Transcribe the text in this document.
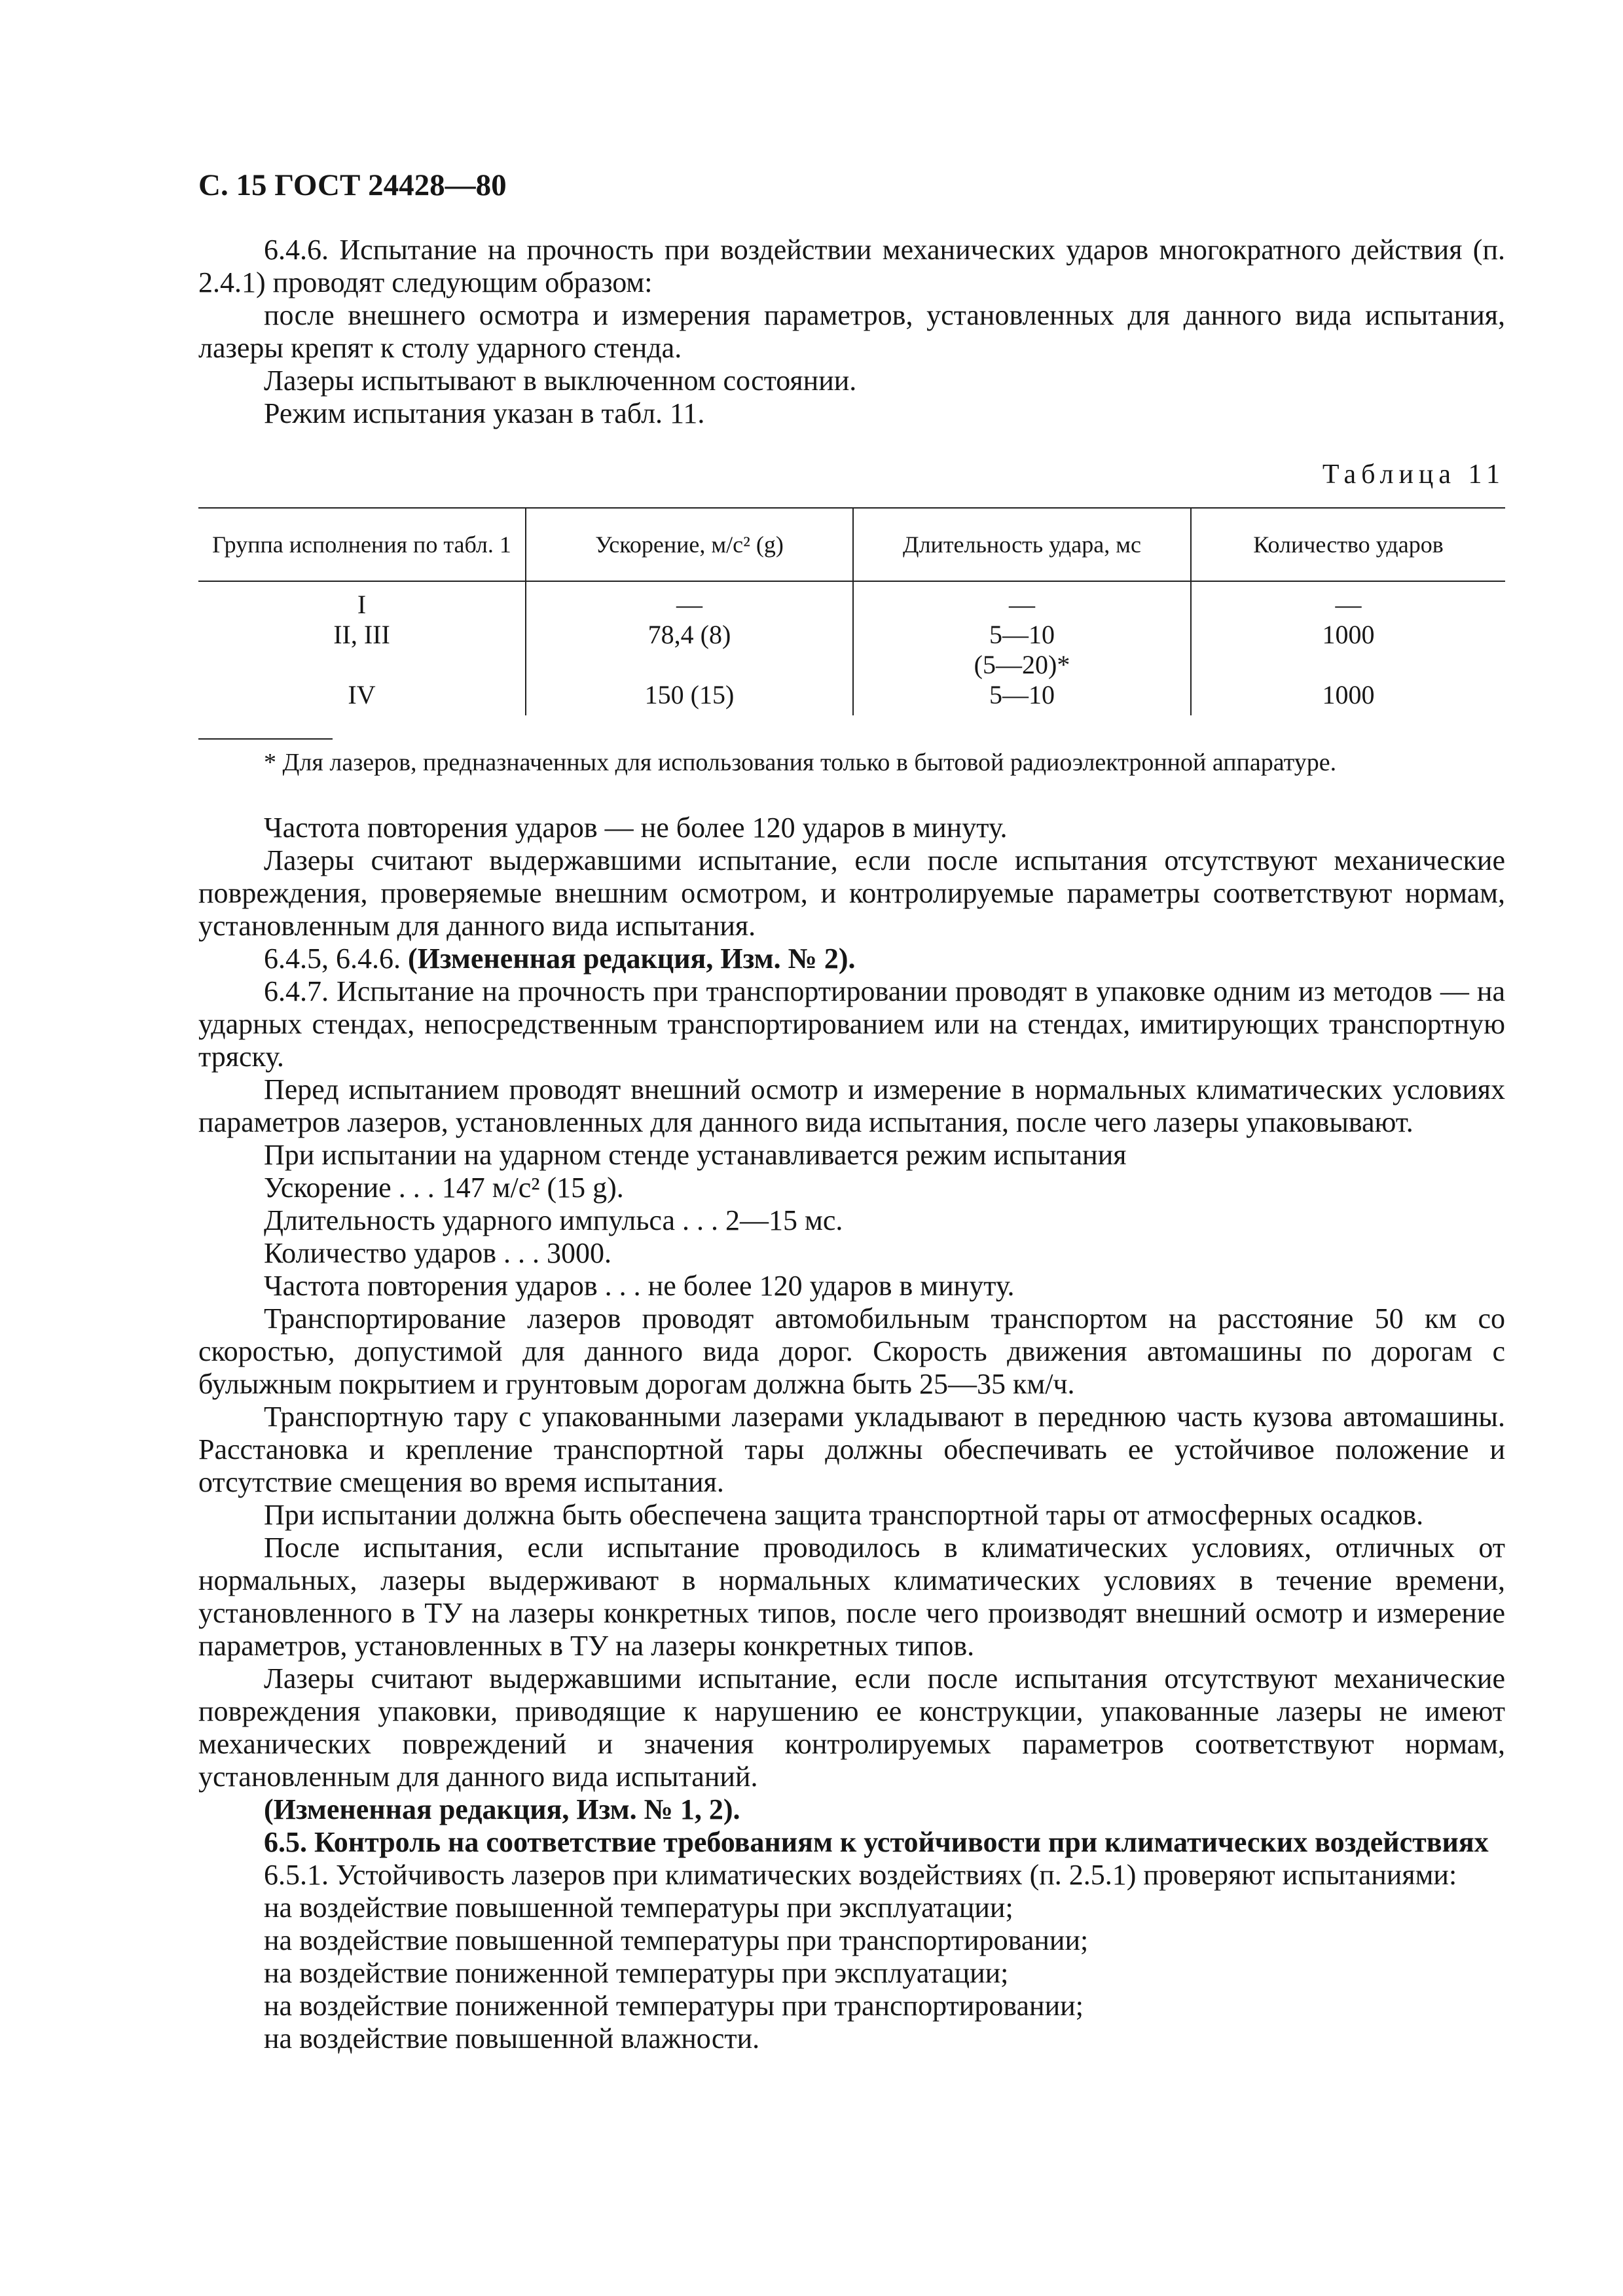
С. 15 ГОСТ 24428—80

6.4.6. Испытание на прочность при воздействии механических ударов многократного действия (п. 2.4.1) проводят следующим образом:

после внешнего осмотра и измерения параметров, установленных для данного вида испытания, лазеры крепят к столу ударного стенда.

Лазеры испытывают в выключенном состоянии.

Режим испытания указан в табл. 11.

Таблица 11
Группа исполнения по табл. 1	Ускорение, м/с² (g)	Длительность удара, мс	Количество ударов
I	—	—	—
II, III	78,4 (8)	5—10	1000
		(5—20)*	
IV	150 (15)	5—10	1000
* Для лазеров, предназначенных для использования только в бытовой радиоэлектронной аппаратуре.

Частота повторения ударов — не более 120 ударов в минуту.

Лазеры считают выдержавшими испытание, если после испытания отсутствуют механические повреждения, проверяемые внешним осмотром, и контролируемые параметры соответствуют нормам, установленным для данного вида испытания.

6.4.5, 6.4.6. (Измененная редакция, Изм. № 2).

6.4.7. Испытание на прочность при транспортировании проводят в упаковке одним из методов — на ударных стендах, непосредственным транспортированием или на стендах, имитирующих транспортную тряску.

Перед испытанием проводят внешний осмотр и измерение в нормальных климатических условиях параметров лазеров, установленных для данного вида испытания, после чего лазеры упаковывают.

При испытании на ударном стенде устанавливается режим испытания

Ускорение . . . 147 м/с² (15 g).

Длительность ударного импульса . . . 2—15 мс.

Количество ударов . . . 3000.

Частота повторения ударов . . . не более 120 ударов в минуту.

Транспортирование лазеров проводят автомобильным транспортом на расстояние 50 км со скоростью, допустимой для данного вида дорог. Скорость движения автомашины по дорогам с булыжным покрытием и грунтовым дорогам должна быть 25—35 км/ч.

Транспортную тару с упакованными лазерами укладывают в переднюю часть кузова автомашины. Расстановка и крепление транспортной тары должны обеспечивать ее устойчивое положение и отсутствие смещения во время испытания.

При испытании должна быть обеспечена защита транспортной тары от атмосферных осадков.

После испытания, если испытание проводилось в климатических условиях, отличных от нормальных, лазеры выдерживают в нормальных климатических условиях в течение времени, установленного в ТУ на лазеры конкретных типов, после чего производят внешний осмотр и измерение параметров, установленных в ТУ на лазеры конкретных типов.

Лазеры считают выдержавшими испытание, если после испытания отсутствуют механические повреждения упаковки, приводящие к нарушению ее конструкции, упакованные лазеры не имеют механических повреждений и значения контролируемых параметров соответствуют нормам, установленным для данного вида испытаний.

(Измененная редакция, Изм. № 1, 2).

6.5. Контроль на соответствие требованиям к устойчивости при климатических воздействиях

6.5.1. Устойчивость лазеров при климатических воздействиях (п. 2.5.1) проверяют испытаниями:

на воздействие повышенной температуры при эксплуатации;

на воздействие повышенной температуры при транспортировании;

на воздействие пониженной температуры при эксплуатации;

на воздействие пониженной температуры при транспортировании;

на воздействие повышенной влажности.
